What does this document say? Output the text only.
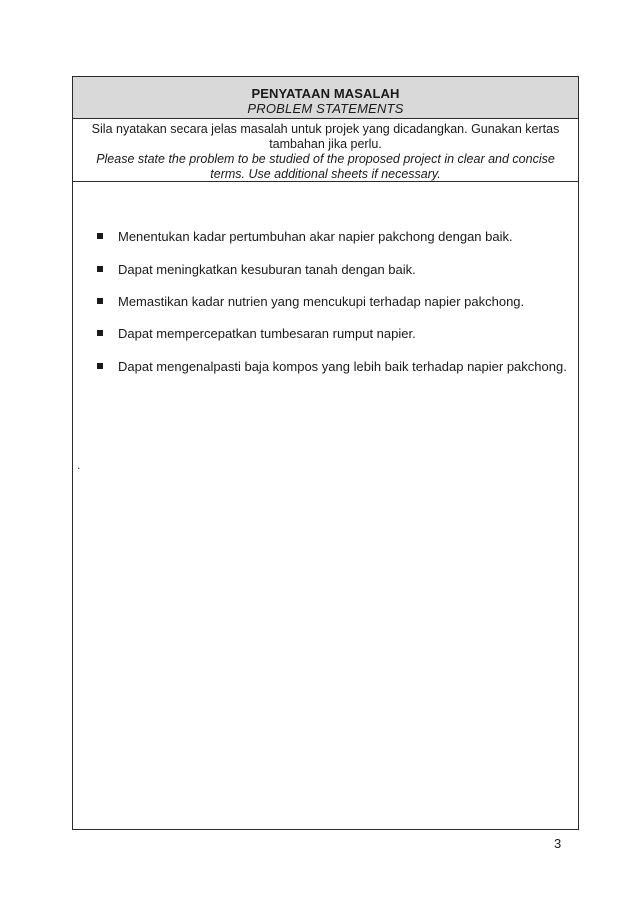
PENYATAAN MASALAH
PROBLEM STATEMENTS
Sila nyatakan secara jelas masalah untuk projek yang dicadangkan. Gunakan kertas tambahan jika perlu.
Please state the problem to be studied of the proposed project in clear and concise terms. Use additional sheets if necessary.
Menentukan kadar pertumbuhan akar napier pakchong dengan baik.
Dapat meningkatkan kesuburan tanah dengan baik.
Memastikan kadar nutrien yang mencukupi terhadap napier pakchong.
Dapat mempercepatkan tumbesaran rumput napier.
Dapat mengenalpasti baja kompos yang lebih baik terhadap napier pakchong.
.
3
